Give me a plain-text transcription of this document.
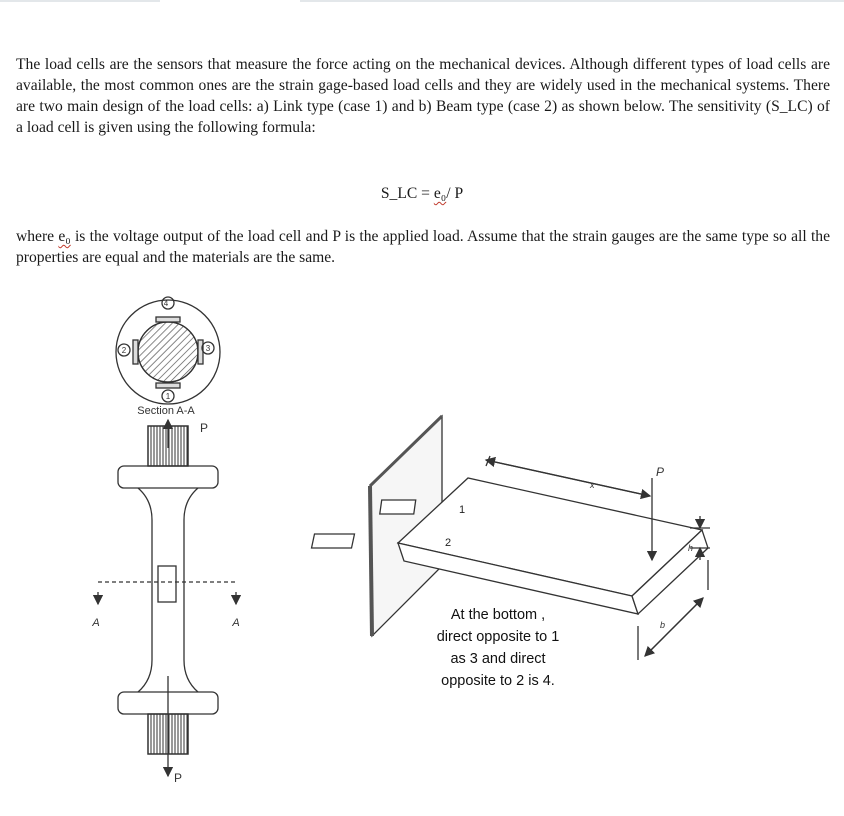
The load cells are the sensors that measure the force acting on the mechanical devices. Although different types of load cells are available, the most common ones are the strain gage-based load cells and they are widely used in the mechanical systems. There are two main design of the load cells: a) Link type (case 1) and b) Beam type (case 2) as shown below. The sensitivity (S_LC) of a load cell is given using the following formula:

S_LC = e₀/ P

where e₀ is the voltage output of the load cell and P is the applied load. Assume that the strain gauges are the same type so all the properties are equal and the materials are the same.

4
3
2
1
Section A-A
P
P
A	A
1
2
x
P
h
b
At the bottom ,
direct opposite to 1
as 3 and direct
opposite to 2 is 4.
